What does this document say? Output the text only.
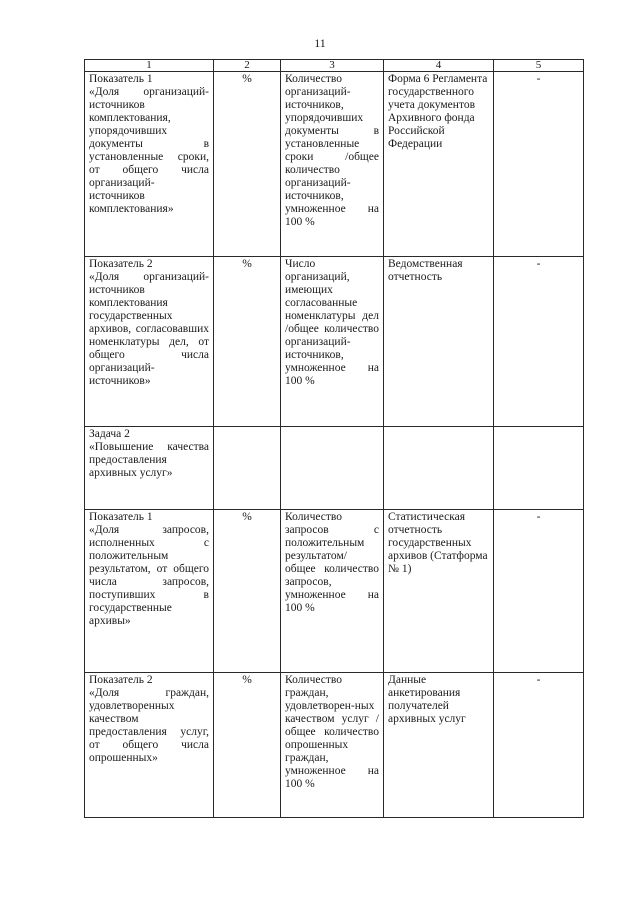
11
1	2	3	4	5

Показатель 1
«Доля организаций-источников комплектования, упорядочивших документы в установленные сроки, от общего числа организаций-источников комплектования»	%	Количество организаций-источников, упорядочивших документы в установленные сроки /общее количество организаций-источников, умноженное на 100 %	Форма 6 Регламента государственного учета документов Архивного фонда Российской Федерации	-

Показатель 2
«Доля организаций-источников комплектования государственных архивов, согласовавших номенклатуры дел, от общего числа организаций-источников»	%	Число организаций, имеющих согласованные номенклатуры дел /общее количество организаций-источников, умноженное на 100 %	Ведомственная отчетность	-

Задача 2
«Повышение качества предоставления архивных услуг»				

Показатель 1
«Доля запросов, исполненных с положительным результатом, от общего числа запросов, поступивших в государственные архивы»	%	Количество запросов с положительным результатом/ общее количество запросов, умноженное на 100 %	Статистическая отчетность государственных архивов (Статформа № 1)	-

Показатель 2
«Доля граждан, удовлетворенных качеством предоставления услуг, от общего числа опрошенных»	%	Количество граждан, удовлетворен-ных качеством услуг /общее количество опрошенных граждан, умноженное на 100 %	Данные анкетирования получателей архивных услуг	-
